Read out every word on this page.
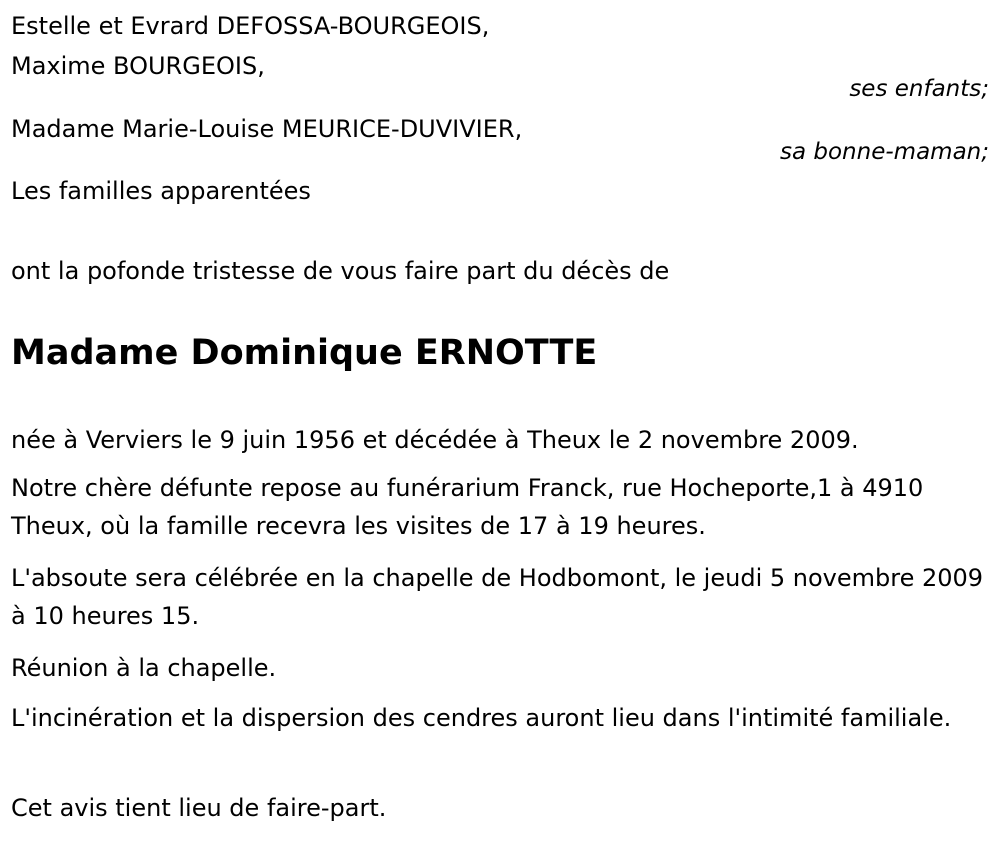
Estelle et Evrard DEFOSSA-BOURGEOIS,
Maxime BOURGEOIS,
ses enfants;
Madame Marie-Louise MEURICE-DUVIVIER,
sa bonne-maman;
Les familles apparentées
ont la pofonde tristesse de vous faire part du décès de
Madame Dominique ERNOTTE
née à Verviers le 9 juin 1956 et décédée à Theux le 2 novembre 2009.
Notre chère défunte repose au funérarium Franck, rue Hocheporte,1 à 4910 Theux, où la famille recevra les visites de 17 à 19 heures.
L'absoute sera célébrée en la chapelle de Hodbomont, le jeudi 5 novembre 2009 à 10 heures 15.
Réunion à la chapelle.
L'incinération et la dispersion des cendres auront lieu dans l'intimité familiale.
Cet avis tient lieu de faire-part.
